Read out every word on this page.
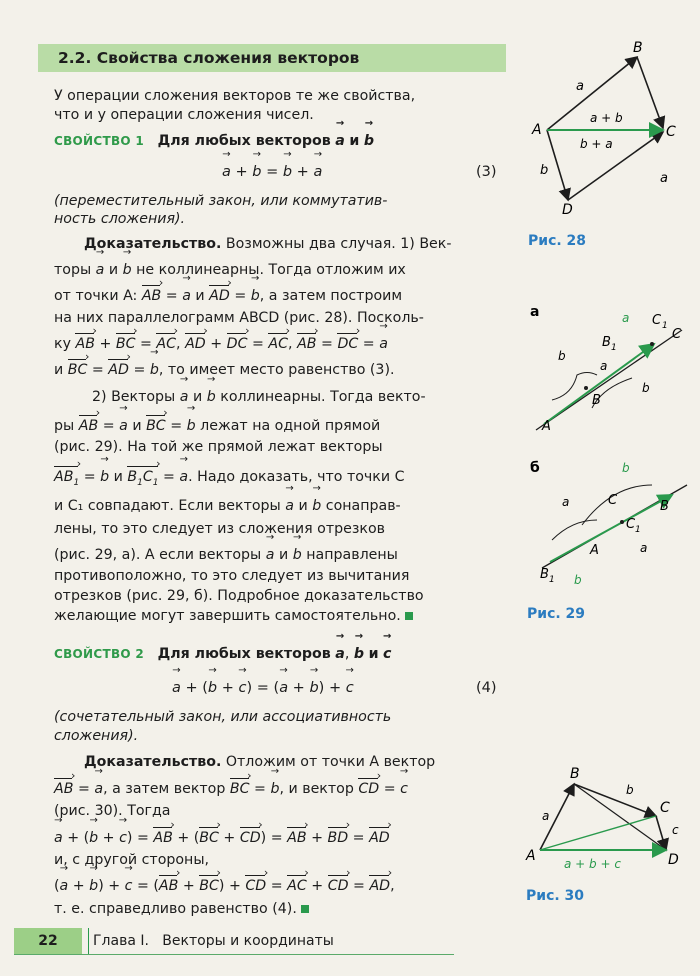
2.2. Свойства сложения векторов
У операции сложения векторов те же свойства,
что и у операции сложения чисел.
СВОЙСТВО 1 Для любых векторов → a и → b
→ a + → b = → b + → a	(3)
(переместительный закон, или коммутатив-
ность сложения).
Доказательство. Возможны два случая. 1) Век-
торы → a и → b не коллинеарны. Тогда отложим их
от точки A: AB › = → a и AD › = → b, а затем построим
на них параллелограмм ABCD (рис. 28). Посколь-
ку AB › + BC › = AC ›, AD › + DC › = AC ›, AB › = DC › = → a
и BC › = AD › = → b, то имеет место равенство (3).
2) Векторы → a и → b коллинеарны. Тогда векто-
ры AB › = → a и BC › = → b лежат на одной прямой
(рис. 29). На той же прямой лежат векторы
$AB_1$ › = → b и $B_1C_1$ › = → a. Надо доказать, что точки C
и C₁ совпадают. Если векторы → a и → b сонаправ-
лены, то это следует из сложения отрезков
(рис. 29, а). А если векторы → a и → b направлены
противоположно, то это следует из вычитания
отрезков (рис. 29, б). Подробное доказательство
желающие могут завершить самостоятельно.
СВОЙСТВО 2 Для любых векторов → a, → b и → c
→ a + (→ b + → c) = (→ a + → b) + → c	(4)
(сочетательный закон, или ассоциативность
сложения).
Доказательство. Отложим от точки A вектор
AB › = → a, а затем вектор BC › = → b, и вектор CD › = → c
(рис. 30). Тогда
→ a + (→ b + → c) = AB › + (BC › + CD ›) = AB › + BD › = AD ›
и, с другой стороны,
(→ a + → b) + → c = (AB › + BC ›) + CD › = AC › + CD › = AD ›,
т. е. справедливо равенство (4).
B
A	C
D
a
a
b
a + b
b + a
Рис. 28
а
A
B
B 1
C 1
C
b
a
b
a
б
B 1
A
C
C 1
B
a
b
a
b
Рис. 29
B
A
C
D
a
b
c
a + b + c
Рис. 30
22	Глава I. Векторы и координаты
